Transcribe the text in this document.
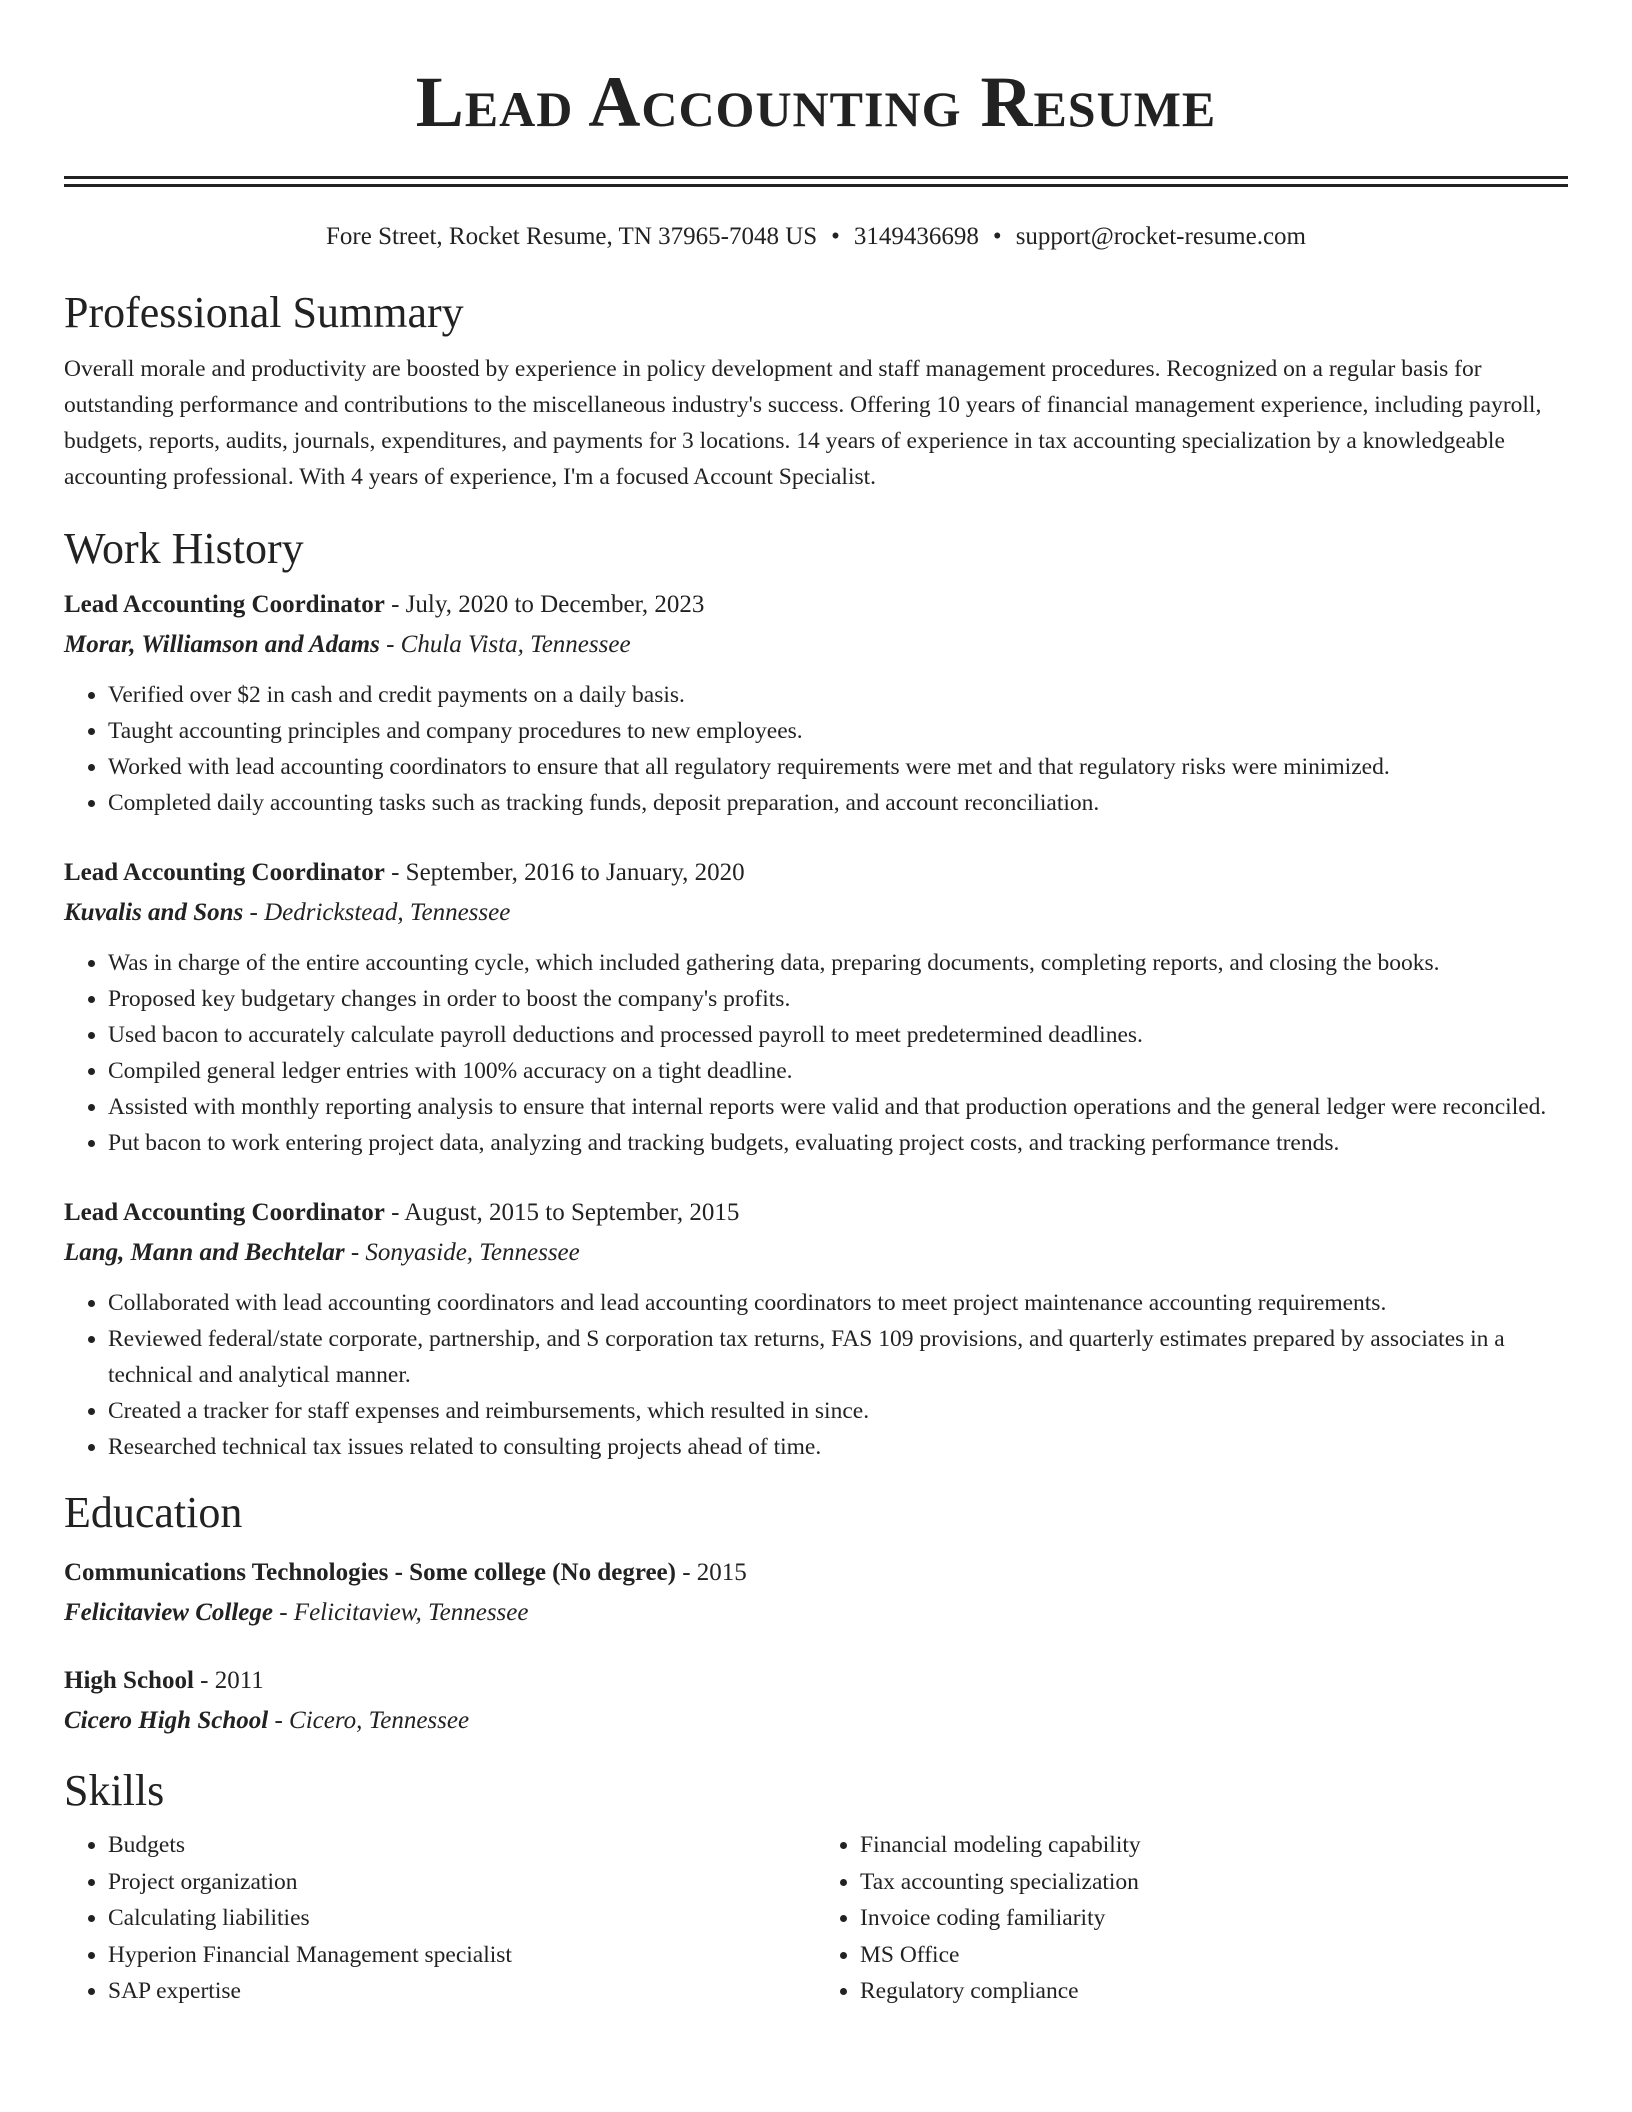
Lead Accounting Resume
Fore Street, Rocket Resume, TN 37965-7048 US • 3149436698 • support@rocket-resume.com
Professional Summary

Overall morale and productivity are boosted by experience in policy development and staff management procedures. Recognized on a regular basis for outstanding performance and contributions to the miscellaneous industry's success. Offering 10 years of financial management experience, including payroll, budgets, reports, audits, journals, expenditures, and payments for 3 locations. 14 years of experience in tax accounting specialization by a knowledgeable accounting professional. With 4 years of experience, I'm a focused Account Specialist.

Work History
Lead Accounting Coordinator - July, 2020 to December, 2023
Morar, Williamson and Adams - Chula Vista, Tennessee
• Verified over $2 in cash and credit payments on a daily basis.
• Taught accounting principles and company procedures to new employees.
• Worked with lead accounting coordinators to ensure that all regulatory requirements were met and that regulatory risks were minimized.
• Completed daily accounting tasks such as tracking funds, deposit preparation, and account reconciliation.
Lead Accounting Coordinator - September, 2016 to January, 2020
Kuvalis and Sons - Dedrickstead, Tennessee
• Was in charge of the entire accounting cycle, which included gathering data, preparing documents, completing reports, and closing the books.
• Proposed key budgetary changes in order to boost the company's profits.
• Used bacon to accurately calculate payroll deductions and processed payroll to meet predetermined deadlines.
• Compiled general ledger entries with 100% accuracy on a tight deadline.
• Assisted with monthly reporting analysis to ensure that internal reports were valid and that production operations and the general ledger were reconciled.
• Put bacon to work entering project data, analyzing and tracking budgets, evaluating project costs, and tracking performance trends.
Lead Accounting Coordinator - August, 2015 to September, 2015
Lang, Mann and Bechtelar - Sonyaside, Tennessee
• Collaborated with lead accounting coordinators and lead accounting coordinators to meet project maintenance accounting requirements.
• Reviewed federal/state corporate, partnership, and S corporation tax returns, FAS 109 provisions, and quarterly estimates prepared by associates in a technical and analytical manner.
• Created a tracker for staff expenses and reimbursements, which resulted in since.
• Researched technical tax issues related to consulting projects ahead of time.
Education
Communications Technologies - Some college (No degree) - 2015
Felicitaview College - Felicitaview, Tennessee
High School - 2011
Cicero High School - Cicero, Tennessee
Skills
• Budgets
• Project organization
• Calculating liabilities
• Hyperion Financial Management specialist
• SAP expertise
• Financial modeling capability
• Tax accounting specialization
• Invoice coding familiarity
• MS Office
• Regulatory compliance
